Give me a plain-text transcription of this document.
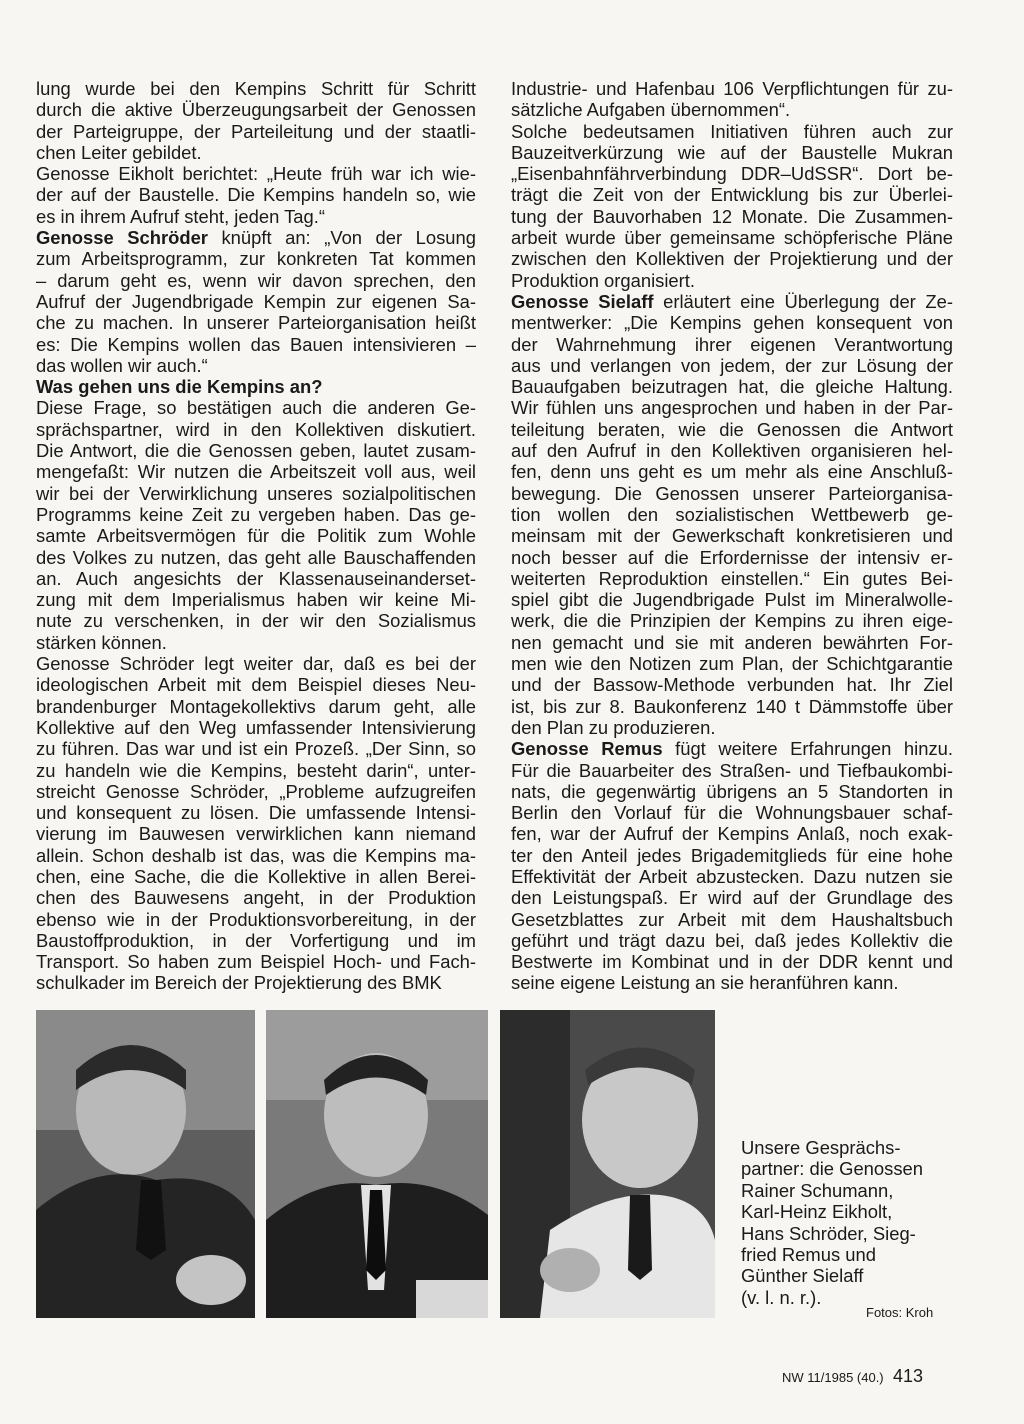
lung wurde bei den Kempins Schritt für Schritt
durch die aktive Überzeugungsarbeit der Genossen
der Parteigruppe, der Parteileitung und der staatli-
chen Leiter gebildet.
Genosse Eikholt berichtet: „Heute früh war ich wie-
der auf der Baustelle. Die Kempins handeln so, wie
es in ihrem Aufruf steht, jeden Tag.“
Genosse Schröder knüpft an: „Von der Losung
zum Arbeitsprogramm, zur konkreten Tat kommen
– darum geht es, wenn wir davon sprechen, den
Aufruf der Jugendbrigade Kempin zur eigenen Sa-
che zu machen. In unserer Parteiorganisation heißt
es: Die Kempins wollen das Bauen intensivieren –
das wollen wir auch.“
Was gehen uns die Kempins an?
Diese Frage, so bestätigen auch die anderen Ge-
sprächspartner, wird in den Kollektiven diskutiert.
Die Antwort, die die Genossen geben, lautet zusam-
mengefaßt: Wir nutzen die Arbeitszeit voll aus, weil
wir bei der Verwirklichung unseres sozialpolitischen
Programms keine Zeit zu vergeben haben. Das ge-
samte Arbeitsvermögen für die Politik zum Wohle
des Volkes zu nutzen, das geht alle Bauschaffenden
an. Auch angesichts der Klassenauseinanderset-
zung mit dem Imperialismus haben wir keine Mi-
nute zu verschenken, in der wir den Sozialismus
stärken können.
Genosse Schröder legt weiter dar, daß es bei der
ideologischen Arbeit mit dem Beispiel dieses Neu-
brandenburger Montagekollektivs darum geht, alle
Kollektive auf den Weg umfassender Intensivierung
zu führen. Das war und ist ein Prozeß. „Der Sinn, so
zu handeln wie die Kempins, besteht darin“, unter-
streicht Genosse Schröder, „Probleme aufzugreifen
und konsequent zu lösen. Die umfassende Intensi-
vierung im Bauwesen verwirklichen kann niemand
allein. Schon deshalb ist das, was die Kempins ma-
chen, eine Sache, die die Kollektive in allen Berei-
chen des Bauwesens angeht, in der Produktion
ebenso wie in der Produktionsvorbereitung, in der
Baustoffproduktion, in der Vorfertigung und im
Transport. So haben zum Beispiel Hoch- und Fach-
schulkader im Bereich der Projektierung des BMK
Industrie- und Hafenbau 106 Verpflichtungen für zu-
sätzliche Aufgaben übernommen“.
Solche bedeutsamen Initiativen führen auch zur
Bauzeitverkürzung wie auf der Baustelle Mukran
„Eisenbahnfährverbindung DDR–UdSSR“. Dort be-
trägt die Zeit von der Entwicklung bis zur Überlei-
tung der Bauvorhaben 12 Monate. Die Zusammen-
arbeit wurde über gemeinsame schöpferische Pläne
zwischen den Kollektiven der Projektierung und der
Produktion organisiert.
Genosse Sielaff erläutert eine Überlegung der Ze-
mentwerker: „Die Kempins gehen konsequent von
der Wahrnehmung ihrer eigenen Verantwortung
aus und verlangen von jedem, der zur Lösung der
Bauaufgaben beizutragen hat, die gleiche Haltung.
Wir fühlen uns angesprochen und haben in der Par-
teileitung beraten, wie die Genossen die Antwort
auf den Aufruf in den Kollektiven organisieren hel-
fen, denn uns geht es um mehr als eine Anschluß-
bewegung. Die Genossen unserer Parteiorganisa-
tion wollen den sozialistischen Wettbewerb ge-
meinsam mit der Gewerkschaft konkretisieren und
noch besser auf die Erfordernisse der intensiv er-
weiterten Reproduktion einstellen.“ Ein gutes Bei-
spiel gibt die Jugendbrigade Pulst im Mineralwolle-
werk, die die Prinzipien der Kempins zu ihren eige-
nen gemacht und sie mit anderen bewährten For-
men wie den Notizen zum Plan, der Schichtgarantie
und der Bassow-Methode verbunden hat. Ihr Ziel
ist, bis zur 8. Baukonferenz 140 t Dämmstoffe über
den Plan zu produzieren.
Genosse Remus fügt weitere Erfahrungen hinzu.
Für die Bauarbeiter des Straßen- und Tiefbaukombi-
nats, die gegenwärtig übrigens an 5 Standorten in
Berlin den Vorlauf für die Wohnungsbauer schaf-
fen, war der Aufruf der Kempins Anlaß, noch exak-
ter den Anteil jedes Brigademitglieds für eine hohe
Effektivität der Arbeit abzustecken. Dazu nutzen sie
den Leistungspaß. Er wird auf der Grundlage des
Gesetzblattes zur Arbeit mit dem Haushaltsbuch
geführt und trägt dazu bei, daß jedes Kollektiv die
Bestwerte im Kombinat und in der DDR kennt und
seine eigene Leistung an sie heranführen kann.
Unsere Gesprächs-
partner: die Genossen
Rainer Schumann,
Karl-Heinz Eikholt,
Hans Schröder, Sieg-
fried Remus und
Günther Sielaff
(v. l. n. r.).
Fotos: Kroh
NW 11/1985 (40.) 413
